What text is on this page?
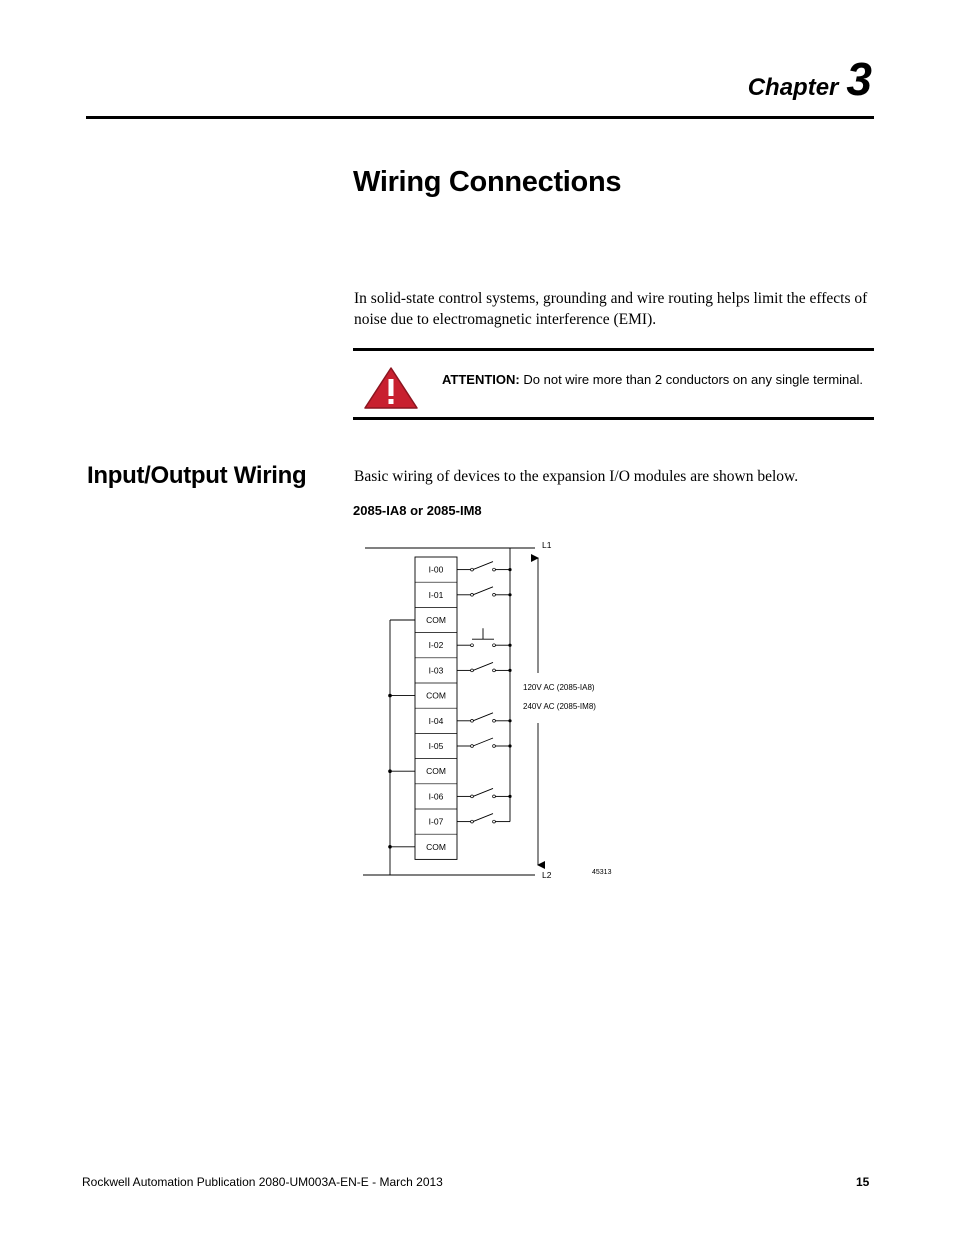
Chapter 3
Wiring Connections
In solid-state control systems, grounding and wire routing helps limit the effects of noise due to electromagnetic interference (EMI).
ATTENTION: Do not wire more than 2 conductors on any single terminal.
Input/Output Wiring	Basic wiring of devices to the expansion I/O modules are shown below.
2085-IA8 or 2085-IM8
L1
L2
120V AC (2085-IA8)
240V AC (2085-IM8)
45313
I-00
I-01
COM
I-02
I-03
COM
I-04
I-05
COM
I-06
I-07
COM
Rockwell Automation Publication 2080-UM003A-EN-E - March 2013	15
